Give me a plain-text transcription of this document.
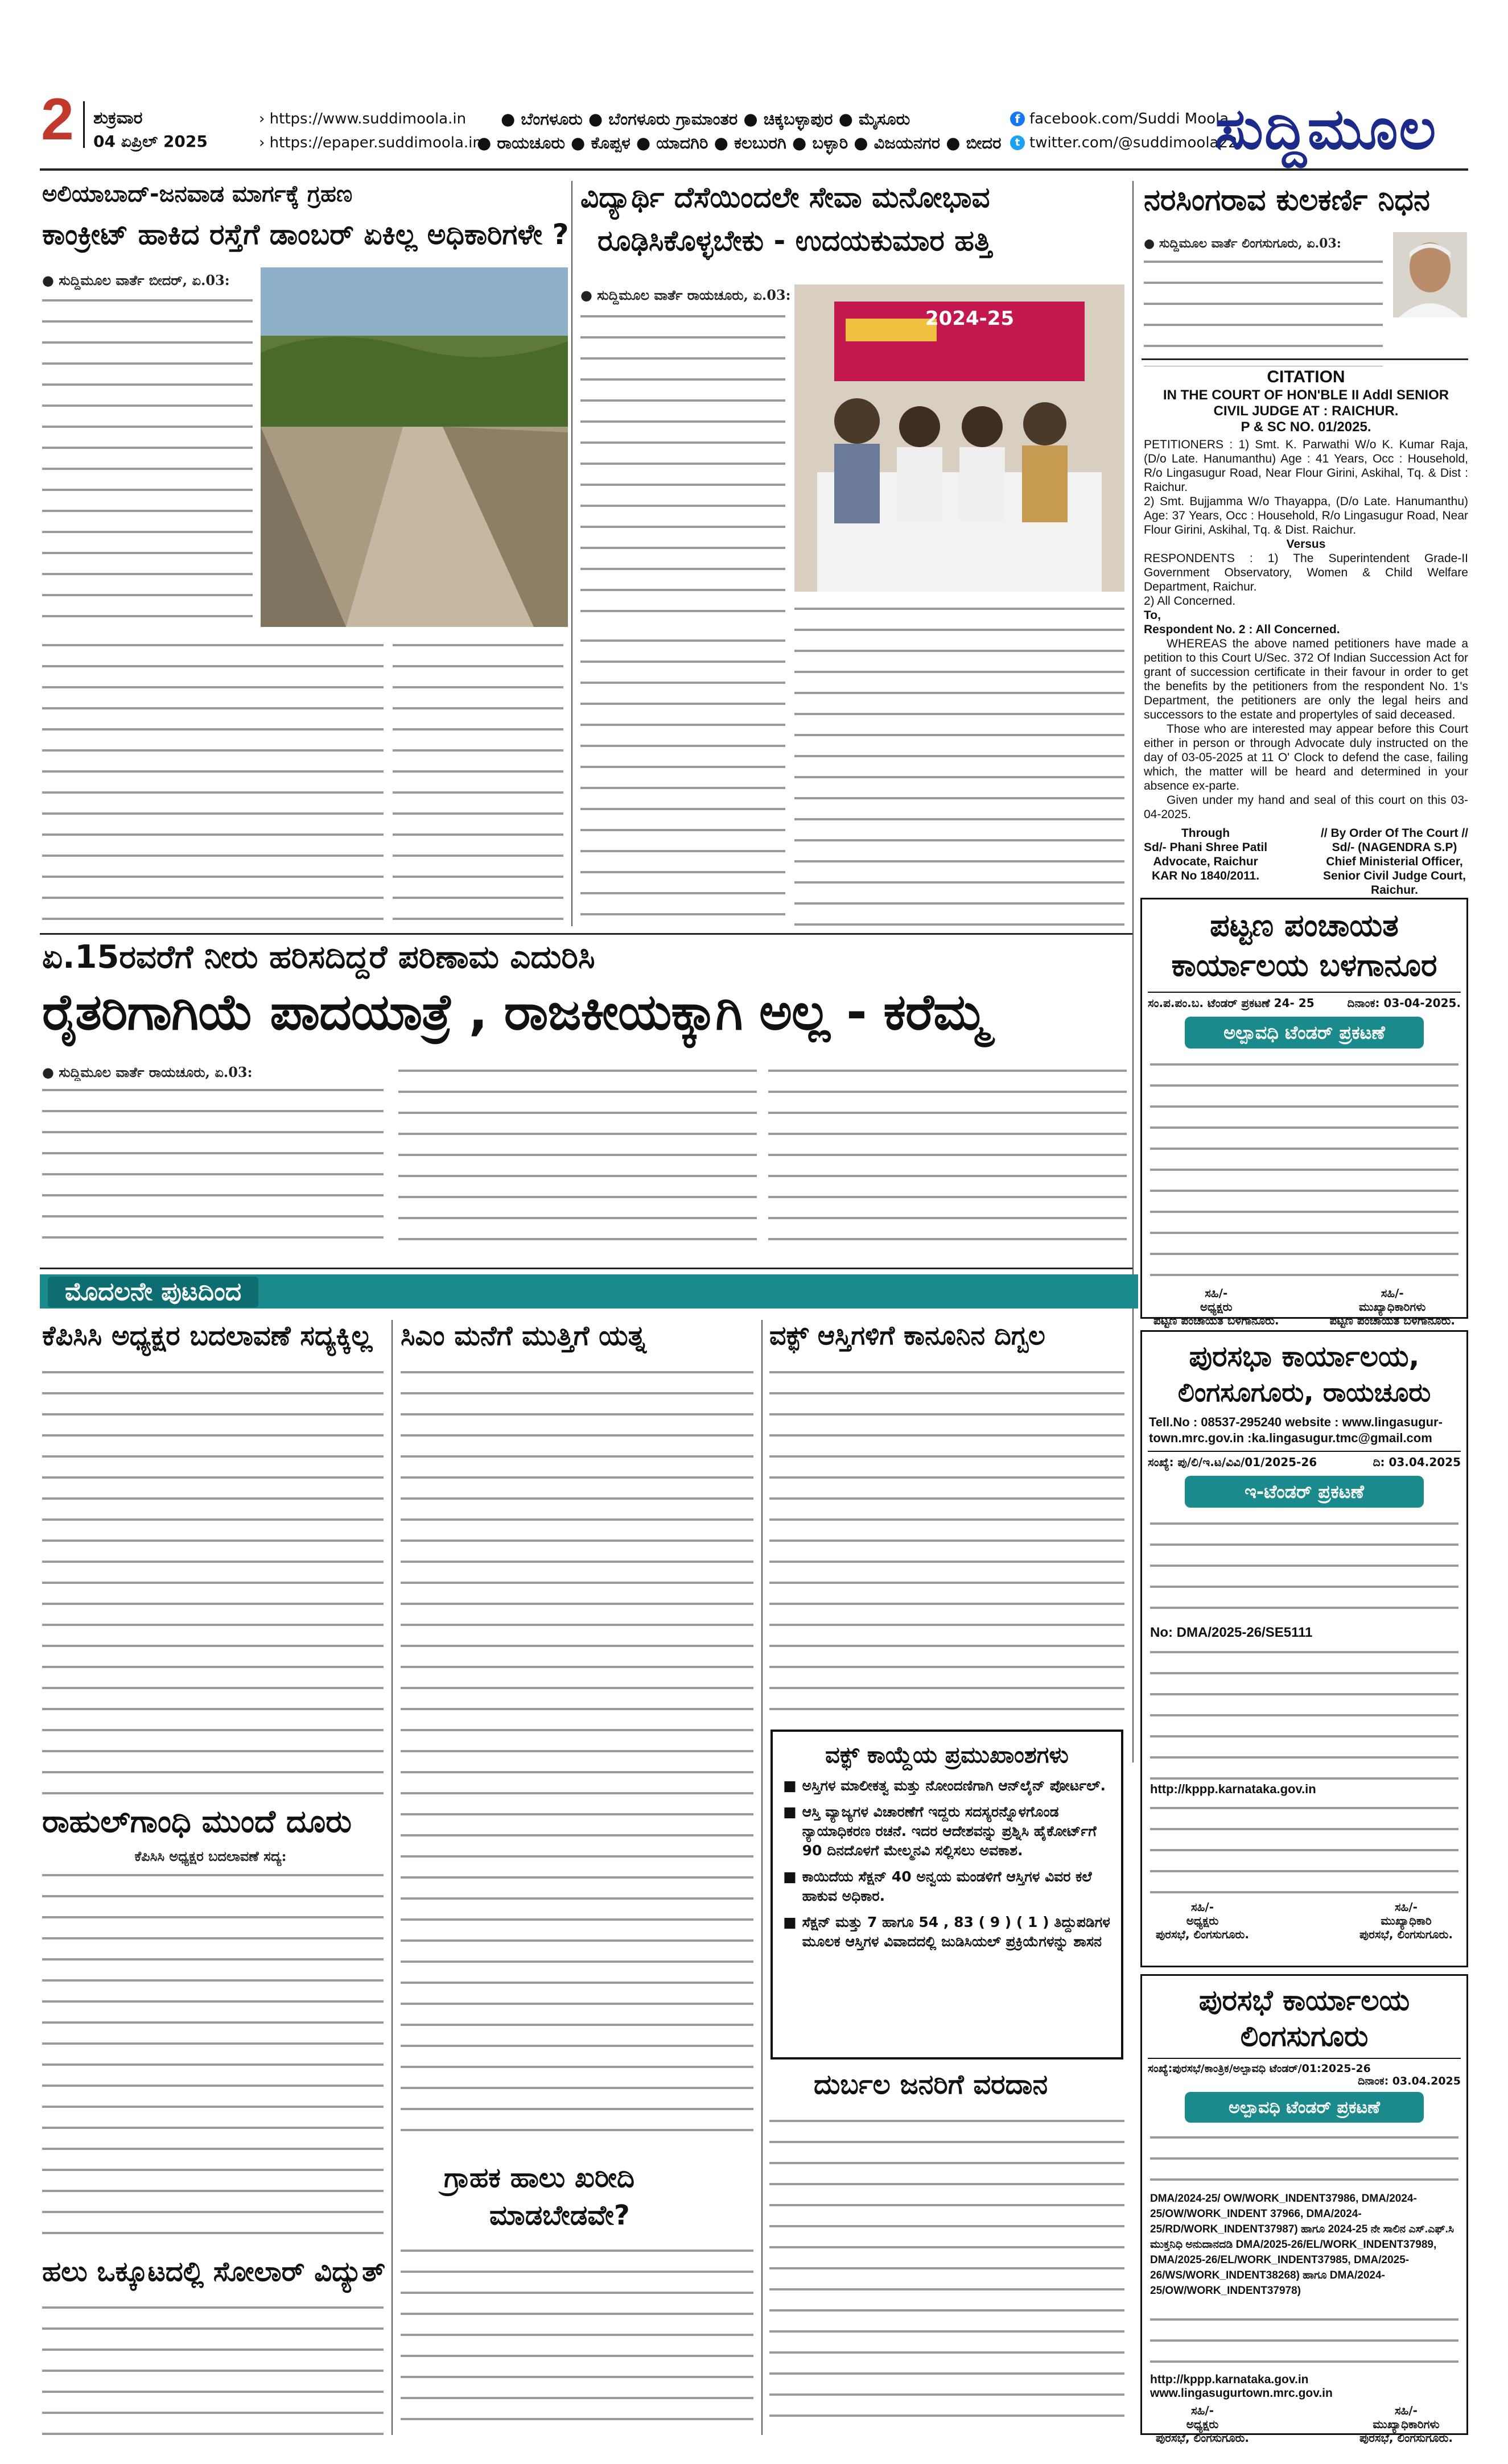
2 ಶುಕ್ರವಾರ
04 ಏಪ್ರಿಲ್ 2025
› https://www.suddimoola.in
› https://epaper.suddimoola.in
● ಬೆಂಗಳೂರು ● ಬೆಂಗಳೂರು ಗ್ರಾಮಾಂತರ ● ಚಿಕ್ಕಬಳ್ಳಾಪುರ ● ಮೈಸೂರು
● ರಾಯಚೂರು ● ಕೊಪ್ಪಳ ● ಯಾದಗಿರಿ ● ಕಲಬುರಗಿ ● ಬಳ್ಳಾರಿ ● ವಿಜಯನಗರ ● ಬೀದರ
f facebook.com/Suddi Moola
t twitter.com/@suddimoola22
ಸುದ್ದಿಮೂಲ
ಅಲಿಯಾಬಾದ್-ಜನವಾಡ ಮಾರ್ಗಕ್ಕೆ ಗ್ರಹಣ
ಕಾಂಕ್ರೀಟ್ ಹಾಕಿದ ರಸ್ತೆಗೆ ಡಾಂಬರ್ ಏಕಿಲ್ಲ ಅಧಿಕಾರಿಗಳೇ ?
● ಸುದ್ದಿಮೂಲ ವಾರ್ತೆ ಬೀದರ್, ಏ.03:
ವಿದ್ಯಾರ್ಥಿ ದೆಸೆಯಿಂದಲೇ ಸೇವಾ ಮನೋಭಾವ
ರೂಢಿಸಿಕೊಳ್ಳಬೇಕು - ಉದಯಕುಮಾರ ಹತ್ತಿ
● ಸುದ್ದಿಮೂಲ ವಾರ್ತೆ ರಾಯಚೂರು, ಏ.03:
2024-25
ನರಸಿಂಗರಾವ ಕುಲಕರ್ಣಿ ನಿಧನ
● ಸುದ್ದಿಮೂಲ ವಾರ್ತೆ ಲಿಂಗಸುಗೂರು, ಏ.03:
CITATION
IN THE COURT OF HON'BLE II Addl SENIOR CIVIL JUDGE AT : RAICHUR.
P & SC NO. 01/2025.
PETITIONERS : 1) Smt. K. Parwathi W/o K. Kumar Raja, (D/o Late. Hanumanthu) Age : 41 Years, Occ : Household, R/o Lingasugur Road, Near Flour Girini, Askihal, Tq. & Dist : Raichur.
2) Smt. Bujjamma W/o Thayappa, (D/o Late. Hanumanthu) Age: 37 Years, Occ : Household, R/o Lingasugur Road, Near Flour Girini, Askihal, Tq. & Dist. Raichur.
Versus
RESPONDENTS : 1) The Superintendent Grade-II Government Observatory, Women & Child Welfare Department, Raichur.
2) All Concerned.
To,
Respondent No. 2 : All Concerned.
WHEREAS the above named petitioners have made a petition to this Court U/Sec. 372 Of Indian Succession Act for grant of succession certificate in their favour in order to get the benefits by the petitioners from the respondent No. 1's Department, the petitioners are only the legal heirs and successors to the estate and propertyles of said deceased.
Those who are interested may appear before this Court either in person or through Advocate duly instructed on the day of 03-05-2025 at 11 O' Clock to defend the case, failing which, the matter will be heard and determined in your absence ex-parte.
Given under my hand and seal of this court on this 03-04-2025.
Through
Sd/- Phani Shree Patil
Advocate, Raichur
KAR No 1840/2011.
// By Order Of The Court //
Sd/- (NAGENDRA S.P)
Chief Ministerial Officer,
Senior Civil Judge Court,
Raichur.
ಏ.15ರವರೆಗೆ ನೀರು ಹರಿಸದಿದ್ದರೆ ಪರಿಣಾಮ ಎದುರಿಸಿ
ರೈತರಿಗಾಗಿಯೆ ಪಾದಯಾತ್ರೆ , ರಾಜಕೀಯಕ್ಕಾಗಿ ಅಲ್ಲ - ಕರೆಮ್ಮ
● ಸುದ್ದಿಮೂಲ ವಾರ್ತೆ ರಾಯಚೂರು, ಏ.03:
ಪಟ್ಟಣ ಪಂಚಾಯತ
ಕಾರ್ಯಾಲಯ ಬಳಗಾನೂರ
ಸಂ.ಪ.ಪಂ.ಬ. ಟೆಂಡರ್ ಪ್ರಕಟಣೆ 24- 25	ದಿನಾಂಕ: 03-04-2025.
ಅಲ್ಪಾವಧಿ ಟೆಂಡರ್ ಪ್ರಕಟಣೆ
ಸಹಿ/-
ಅಧ್ಯಕ್ಷರು
ಪಟ್ಟಣ ಪಂಚಾಯತ ಬಳಗಾನೂರು.
ಸಹಿ/-
ಮುಖ್ಯಾಧಿಕಾರಿಗಳು
ಪಟ್ಟಣ ಪಂಚಾಯತ ಬಳಗಾನೂರು.
ಮೊದಲನೇ ಪುಟದಿಂದ
ಕೆಪಿಸಿಸಿ ಅಧ್ಯಕ್ಷರ ಬದಲಾವಣೆ ಸದ್ಯಕ್ಕಿಲ್ಲ
ರಾಹುಲ್‌ಗಾಂಧಿ ಮುಂದೆ ದೂರು
ಕೆಪಿಸಿಸಿ ಅಧ್ಯಕ್ಷರ ಬದಲಾವಣೆ ಸದ್ಯ:
ಹಲು ಒಕ್ಕೂಟದಲ್ಲಿ ಸೋಲಾರ್ ವಿದ್ಯುತ್
ಸಿಎಂ ಮನೆಗೆ ಮುತ್ತಿಗೆ ಯತ್ನ
ಗ್ರಾಹಕ ಹಾಲು ಖರೀದಿ
ಮಾಡಬೇಡವೇ?
ವಕ್ಫ್ ಆಸ್ತಿಗಳಿಗೆ ಕಾನೂನಿನ ದಿಗ್ಬಲ
ವಕ್ಫ್ ಕಾಯ್ದೆಯ ಪ್ರಮುಖಾಂಶಗಳು
■ ಅಸ್ತಿಗಳ ಮಾಲೀಕತ್ವ ಮತ್ತು ನೋಂದಣಿಗಾಗಿ ಆನ್‌ಲೈನ್ ಪೋರ್ಟಲ್.
■ ಆಸ್ತಿ ವ್ಯಾಜ್ಯಗಳ ವಿಚಾರಣೆಗೆ ಇದ್ದರು ಸದಸ್ಯರನ್ನೊಳಗೊಂಡ ನ್ಯಾಯಾಧಿಕರಣ ರಚನೆ. ಇದರ ಆದೇಶವನ್ನು ಪ್ರಶ್ನಿಸಿ ಹೈಕೋರ್ಟ್‌ಗೆ 90 ದಿನದೊಳಗೆ ಮೇಲ್ಮನವಿ ಸಲ್ಲಿಸಲು ಅವಕಾಶ.
■ ಕಾಯಿದೆಯ ಸೆಕ್ಷನ್ 40 ಅನ್ವಯ ಮಂಡಳಿಗೆ ಆಸ್ತಿಗಳ ವಿವರ ಕಲೆ ಹಾಕುವ ಅಧಿಕಾರ.
■ ಸೆಕ್ಷನ್ ಮತ್ತು 7 ಹಾಗೂ 54 , 83 ( 9 ) ( 1 ) ತಿದ್ದುಪಡಿಗಳ ಮೂಲಕ ಆಸ್ತಿಗಳ ವಿವಾದದಲ್ಲಿ ಜುಡಿಸಿಯಲ್ ಪ್ರಕ್ರಿಯೆಗಳನ್ನು ಶಾಸನ
ದುರ್ಬಲ ಜನರಿಗೆ ವರದಾನ
ಪುರಸಭಾ ಕಾರ್ಯಾಲಯ,
ಲಿಂಗಸೂಗೂರು, ರಾಯಚೂರು
Tell.No : 08537-295240 website : www.lingasugur-town.mrc.gov.in :ka.lingasugur.tmc@gmail.com
ಸಂಖ್ಯೆ: ಪು/ಲಿ/ಇ.ಟ/ವಿವಿ/01/2025-26	ದಿ: 03.04.2025
ಇ-ಟೆಂಡರ್ ಪ್ರಕಟಣೆ
No: DMA/2025-26/SE5111
http://kppp.karnataka.gov.in
ಸಹಿ/-
ಅಧ್ಯಕ್ಷರು
ಪುರಸಭೆ, ಲಿಂಗಸುಗೂರು.
ಸಹಿ/-
ಮುಖ್ಯಾಧಿಕಾರಿ
ಪುರಸಭೆ, ಲಿಂಗಸುಗೂರು.
ಪುರಸಭೆ ಕಾರ್ಯಾಲಯ
ಲಿಂಗಸುಗೂರು
ಸಂಖ್ಯೆ:ಪುರಸಭೆ/ಕಾಂತ್ರಿಕ/ಅಲ್ಪಾವಧಿ ಟೆಂಡರ್/01:2025-26
ದಿನಾಂಕ: 03.04.2025
ಅಲ್ಪಾವಧಿ ಟೆಂಡರ್ ಪ್ರಕಟಣೆ
DMA/2024-25/ OW/WORK_INDENT37986, DMA/2024-25/OW/WORK_INDENT 37966, DMA/2024-25/RD/WORK_INDENT37987) ಹಾಗೂ 2024-25 ನೇ ಸಾಲಿನ ಎಸ್.ಎಫ್.ಸಿ ಮುಕ್ತನಿಧಿ ಅನುದಾನದಡಿ DMA/2025-26/EL/WORK_INDENT37989, DMA/2025-26/EL/WORK_INDENT37985, DMA/2025-26/WS/WORK_INDENT38268) ಹಾಗೂ DMA/2024-25/OW/WORK_INDENT37978)
http://kppp.karnataka.gov.in www.lingasugurtown.mrc.gov.in
ಸಹಿ/-
ಅಧ್ಯಕ್ಷರು
ಪುರಸಭೆ, ಲಿಂಗಸುಗೂರು.
ಸಹಿ/-
ಮುಖ್ಯಾಧಿಕಾರಿಗಳು
ಪುರಸಭೆ, ಲಿಂಗಸುಗೂರು.
